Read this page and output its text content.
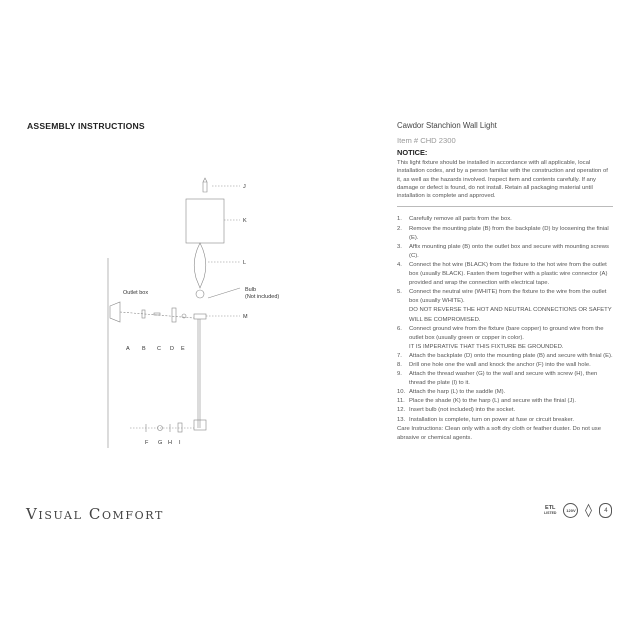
ASSEMBLY INSTRUCTIONS
J
K
L
M
Outlet box	Bulb
(Not included)
A B C D E
F G H I
Visual Comfort
Cawdor Stanchion Wall Light
Item # CHD 2300
NOTICE:
This light fixture should be installed in accordance with all applicable, local installation codes, and by a person familiar with the construction and operation of it, as well as the hazards involved. Inspect item and contents carefully. If any damage or defect is found, do not install. Retain all packaging material until installation is complete and approved.
1. Carefully remove all parts from the box.
2. Remove the mounting plate (B) from the backplate (D) by loosening the finial (E).
3. Affix mounting plate (B) onto the outlet box and secure with mounting screws (C).
4. Connect the hot wire (BLACK) from the fixture to the hot wire from the outlet box (usually BLACK). Fasten them together with a plastic wire connector (A) provided and wrap the connection with electrical tape.
5. Connect the neutral wire (WHITE) from the fixture to the wire from the outlet box (usually WHITE).
DO NOT REVERSE THE HOT AND NEUTRAL CONNECTIONS OR SAFETY WILL BE COMPROMISED.
6. Connect ground wire from the fixture (bare copper) to ground wire from the outlet box (usually green or copper in color).
IT IS IMPERATIVE THAT THIS FIXTURE BE GROUNDED.
7. Attach the backplate (D) onto the mounting plate (B) and secure with finial (E).
8. Drill one hole one the wall and knock the anchor (F) into the wall hole.
9. Attach the thread washer (G) to the wall and secure with screw (H), then thread the plate (I) to it.
10. Attach the harp (L) to the saddle (M).
11. Place the shade (K) to the harp (L) and secure with the finial (J).
12. Insert bulb (not included) into the socket.
13. Installation is complete, turn on power at fuse or circuit breaker.
Care Instructions: Clean only with a soft dry cloth or feather duster. Do not use abrasive or chemical agents.
ETL
LISTED	120V	4
